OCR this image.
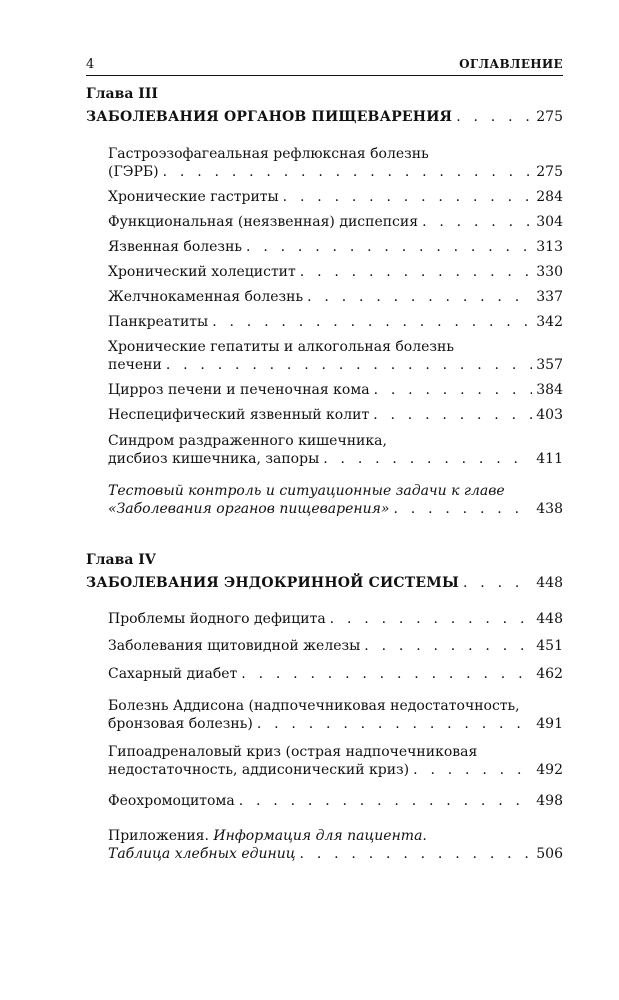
4	ОГЛАВЛЕНИЕ
Глава III
ЗАБОЛЕВАНИЯ ОРГАНОВ ПИЩЕВАРЕНИЯ . . .	275
Гастроэзофагеальная рефлюксная болезнь
(ГЭРБ) . . .	275
Хронические гастриты . . .	284
Функциональная (неязвенная) диспепсия . . .	304
Язвенная болезнь . . .	313
Хронический холецистит . . .	330
Желчнокаменная болезнь . . .	337
Панкреатиты . . .	342
Хронические гепатиты и алкогольная болезнь
печени . . .	357
Цирроз печени и печеночная кома . . .	384
Неспецифический язвенный колит . . .	403
Синдром раздраженного кишечника,
дисбиоз кишечника, запоры . . .	411
Тестовый контроль и ситуационные задачи к главе
«Заболевания органов пищеварения» . . .	438
Глава IV
ЗАБОЛЕВАНИЯ ЭНДОКРИННОЙ СИСТЕМЫ . . .	448
Проблемы йодного дефицита . . .	448
Заболевания щитовидной железы . . .	451
Сахарный диабет . . .	462
Болезнь Аддисона (надпочечниковая недостаточность,
бронзовая болезнь) . . .	491
Гипоадреналовый криз (острая надпочечниковая
недостаточность, аддисонический криз) . . .	492
Феохромоцитома . . .	498
Приложения. Информация для пациента.
Таблица хлебных единиц . . .	506
